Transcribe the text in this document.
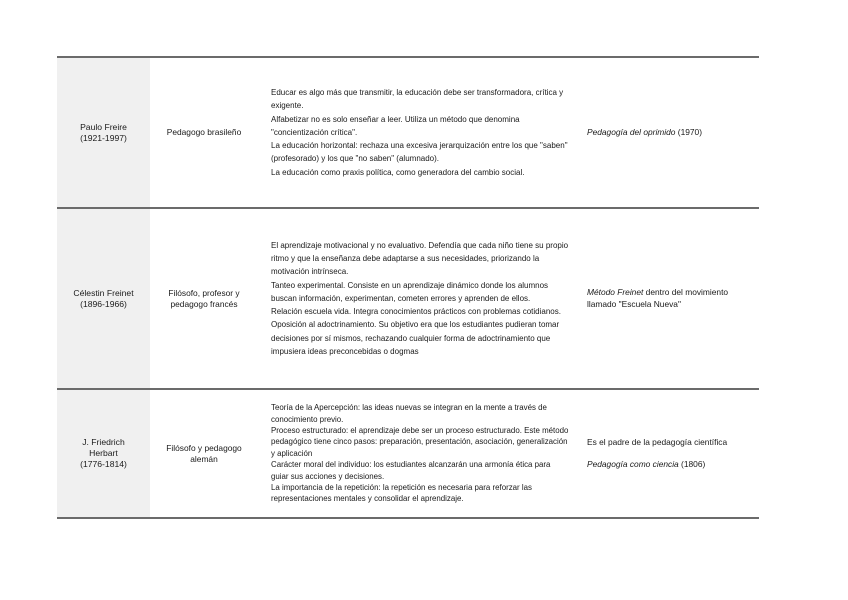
Paulo Freire
(1921-1997)
Pedagogo brasileño

Educar es algo más que transmitir, la educación debe ser transformadora, crítica y exigente.

Alfabetizar no es solo enseñar a leer. Utiliza un método que denomina "concientización crítica".

La educación horizontal: rechaza una excesiva jerarquización entre los que "saben" (profesorado) y los que "no saben" (alumnado).

La educación como praxis política, como generadora del cambio social.

Pedagogía del oprimido (1970)

Célestin Freinet
(1896-1966)
Filósofo, profesor y pedagogo francés

El aprendizaje motivacional y no evaluativo. Defendía que cada niño tiene su propio ritmo y que la enseñanza debe adaptarse a sus necesidades, priorizando la motivación intrínseca.

Tanteo experimental. Consiste en un aprendizaje dinámico donde los alumnos buscan información, experimentan, cometen errores y aprenden de ellos.

Relación escuela vida. Integra conocimientos prácticos con problemas cotidianos.

Oposición al adoctrinamiento. Su objetivo era que los estudiantes pudieran tomar decisiones por sí mismos, rechazando cualquier forma de adoctrinamiento que impusiera ideas preconcebidas o dogmas

Método Freinet dentro del movimiento llamado "Escuela Nueva"

J. Friedrich
Herbart
(1776-1814)
Filósofo y pedagogo alemán

Teoría de la Apercepción: las ideas nuevas se integran en la mente a través de conocimiento previo.

Proceso estructurado: el aprendizaje debe ser un proceso estructurado. Este método pedagógico tiene cinco pasos: preparación, presentación, asociación, generalización y aplicación

Carácter moral del individuo: los estudiantes alcanzarán una armonía ética para guiar sus acciones y decisiones.

La importancia de la repetición: la repetición es necesaria para reforzar las representaciones mentales y consolidar el aprendizaje.

Es el padre de la pedagogía científica

Pedagogía como ciencia (1806)
